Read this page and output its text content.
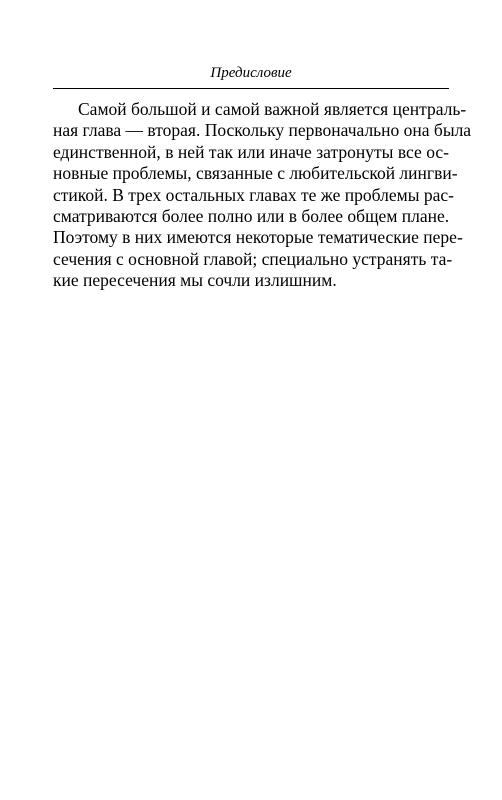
Предисловие
Самой большой и самой важной является централь-
ная глава — вторая. Поскольку первоначально она была
единственной, в ней так или иначе затронуты все ос-
новные проблемы, связанные с любительской лингви-
стикой. В трех остальных главах те же проблемы рас-
сматриваются более полно или в более общем плане.
Поэтому в них имеются некоторые тематические пере-
сечения с основной главой; специально устранять та-
кие пересечения мы сочли излишним.
